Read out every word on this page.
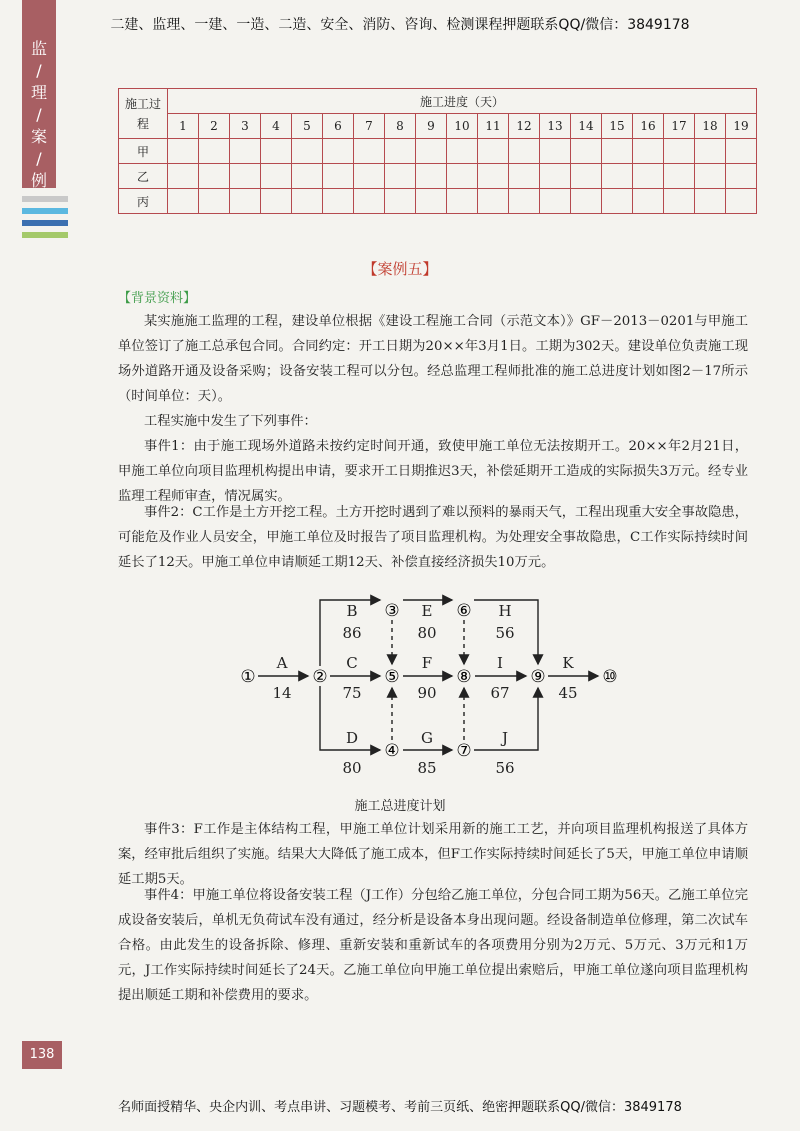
二建、监理、一建、一造、二造、安全、消防、咨询、检测课程押题联系QQ/微信：3849178
监
/
理
/
案
/
例
施工过程	施工进度（天）																		
	1	2	3	4	5	6	7	8	9	10	11	12	13	14	15	16	17	18	19
甲																			
乙																			
丙																			
【案例五】
【背景资料】
某实施施工监理的工程，建设单位根据《建设工程施工合同（示范文本）》GF－2013－0201与甲施工单位签订了施工总承包合同。合同约定：开工日期为20××年3月1日。工期为302天。建设单位负责施工现场外道路开通及设备采购；设备安装工程可以分包。经总监理工程师批准的施工总进度计划如图2－17所示（时间单位：天）。
工程实施中发生了下列事件：
事件1：由于施工现场外道路未按约定时间开通，致使甲施工单位无法按期开工。20××年2月21日，甲施工单位向项目监理机构提出申请，要求开工日期推迟3天，补偿延期开工造成的实际损失3万元。经专业监理工程师审查，情况属实。
事件2：C工作是土方开挖工程。土方开挖时遇到了难以预料的暴雨天气，工程出现重大安全事故隐患，可能危及作业人员安全，甲施工单位及时报告了项目监理机构。为处理安全事故隐患，C工作实际持续时间延长了12天。甲施工单位申请顺延工期12天、补偿直接经济损失10万元。
①	②
③
④
⑤
⑥
⑦
⑧	⑨	⑩
A
14
B
86
C
75
D
80
E
80
F
90
G
85
H
56
I
67
J
56
K
45
施工总进度计划
事件3：F工作是主体结构工程，甲施工单位计划采用新的施工工艺，并向项目监理机构报送了具体方案，经审批后组织了实施。结果大大降低了施工成本，但F工作实际持续时间延长了5天，甲施工单位申请顺延工期5天。
事件4：甲施工单位将设备安装工程（J工作）分包给乙施工单位，分包合同工期为56天。乙施工单位完成设备安装后，单机无负荷试车没有通过，经分析是设备本身出现问题。经设备制造单位修理，第二次试车合格。由此发生的设备拆除、修理、重新安装和重新试车的各项费用分别为2万元、5万元、3万元和1万元，J工作实际持续时间延长了24天。乙施工单位向甲施工单位提出索赔后，甲施工单位遂向项目监理机构提出顺延工期和补偿费用的要求。
138
名师面授精华、央企内训、考点串讲、习题模考、考前三页纸、绝密押题联系QQ/微信：3849178
